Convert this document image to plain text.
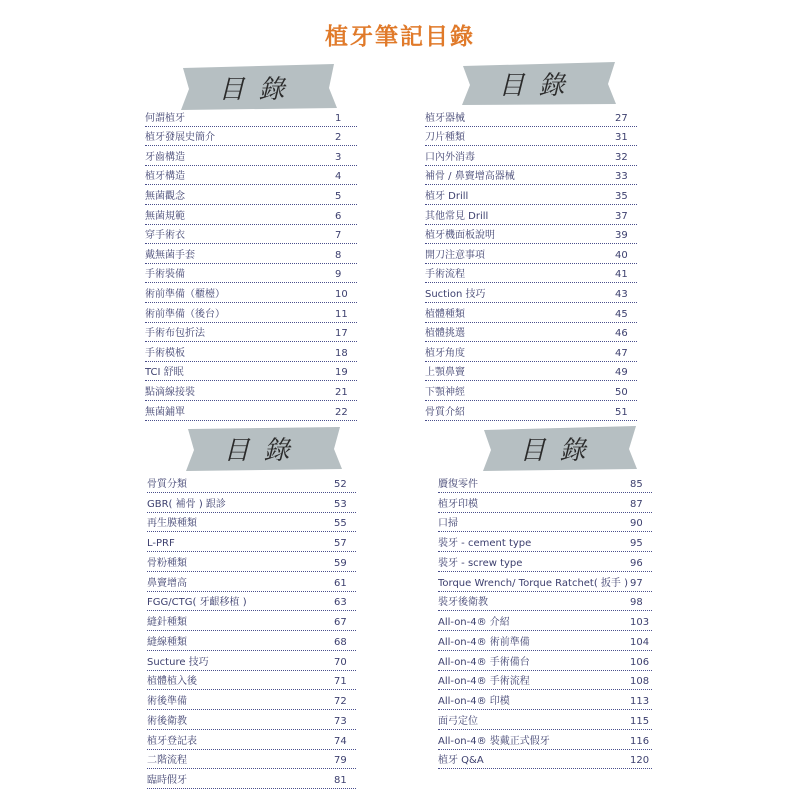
植牙筆記目錄
目錄
何謂植牙	1
植牙發展史簡介	2
牙齒構造	3
植牙構造	4
無菌觀念	5
無菌規範	6
穿手術衣	7
戴無菌手套	8
手術裝備	9
術前準備（櫃檯）	10
術前準備（後台）	11
手術布包折法	17
手術模板	18
TCI 舒眠	19
點滴線接裝	21
無菌鋪單	22
目錄
植牙器械	27
刀片種類	31
口內外消毒	32
補骨 / 鼻竇增高器械	33
植牙 Drill	35
其他常見 Drill	37
植牙機面板說明	39
開刀注意事項	40
手術流程	41
Suction 技巧	43
植體種類	45
植體挑選	46
植牙角度	47
上顎鼻竇	49
下顎神經	50
骨質介紹	51
目錄
骨質分類	52
GBR( 補骨 ) 跟診	53
再生膜種類	55
L-PRF	57
骨粉種類	59
鼻竇增高	61
FGG/CTG( 牙齦移植 )	63
縫針種類	67
縫線種類	68
Sucture 技巧	70
植體植入後	71
術後準備	72
術後衛教	73
植牙登記表	74
二階流程	79
臨時假牙	81
目錄
贗復零件	85
植牙印模	87
口掃	90
裝牙 - cement type	95
裝牙 - screw type	96
Torque Wrench/ Torque Ratchet( 扳手 ) 97
裝牙後衛教	98
All-on-4® 介紹	103
All-on-4® 術前準備	104
All-on-4® 手術備台	106
All-on-4® 手術流程	108
All-on-4® 印模	113
面弓定位	115
All-on-4® 裝戴正式假牙	116
植牙 Q&A	120
